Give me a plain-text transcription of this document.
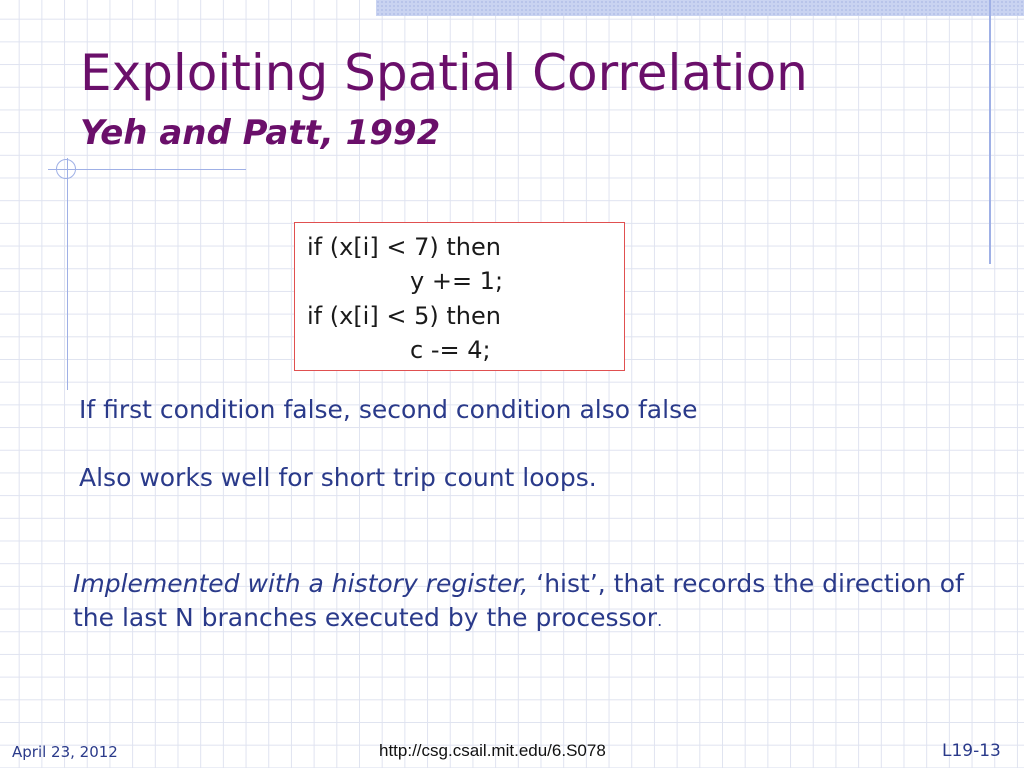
Exploiting Spatial Correlation
Yeh and Patt, 1992
if (x[i] < 7) then
y += 1;
if (x[i] < 5) then
c -= 4;
If first condition false, second condition also false
Also works well for short trip count loops.
Implemented with a history register, ‘hist’, that records the direction of the last N branches executed by the processor.
April 23, 2012	http://csg.csail.mit.edu/6.S078	L19-13
